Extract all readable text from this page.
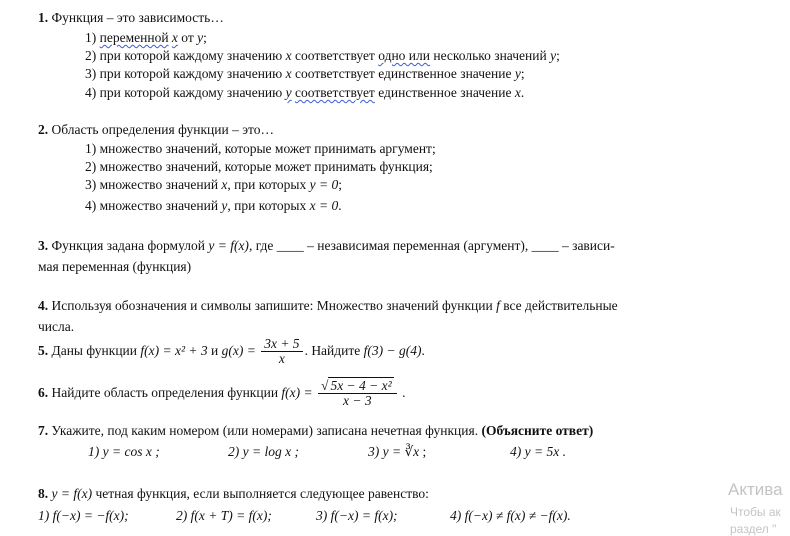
1. Функция – это зависимость…
1) переменной x от y;
2) при которой каждому значению x соответствует одно или несколько значений y;
3) при которой каждому значению x соответствует единственное значение y;
4) при которой каждому значению y соответствует единственное значение x.
2. Область определения функции – это…
1) множество значений, которые может принимать аргумент;
2) множество значений, которые может принимать функция;
3) множество значений x, при которых y = 0;
4) множество значений y, при которых x = 0.
3. Функция задана формулой y = f(x), где ____ – независимая переменная (аргумент), ____ – зависи-
мая переменная (функция)
4. Используя обозначения и символы запишите: Множество значений функции f все действительные
числа.
5. Даны функции f(x) = x² + 3 и $g(x) = \frac{3x + 5}{x}$ . Найдите f(3) − g(4).
6. Найдите область определения функции $f(x) = \frac{\text{√ 5x − 4 − x²}}{x - 3}$ .
7. Укажите, под каким номером (или номерами) записана нечетная функция. (Объясните ответ)
1) y = cos x ;	2) y = log x ;	3) y = ∛x ;	4) y = 5x .
8. y = f(x) четная функция, если выполняется следующее равенство:
1) f(−x) = −f(x);	2) f(x + T) = f(x);	3) f(−x) = f(x);	4) f(−x) ≠ f(x) ≠ −f(x).
Актива
Чтобы ак
раздел "
